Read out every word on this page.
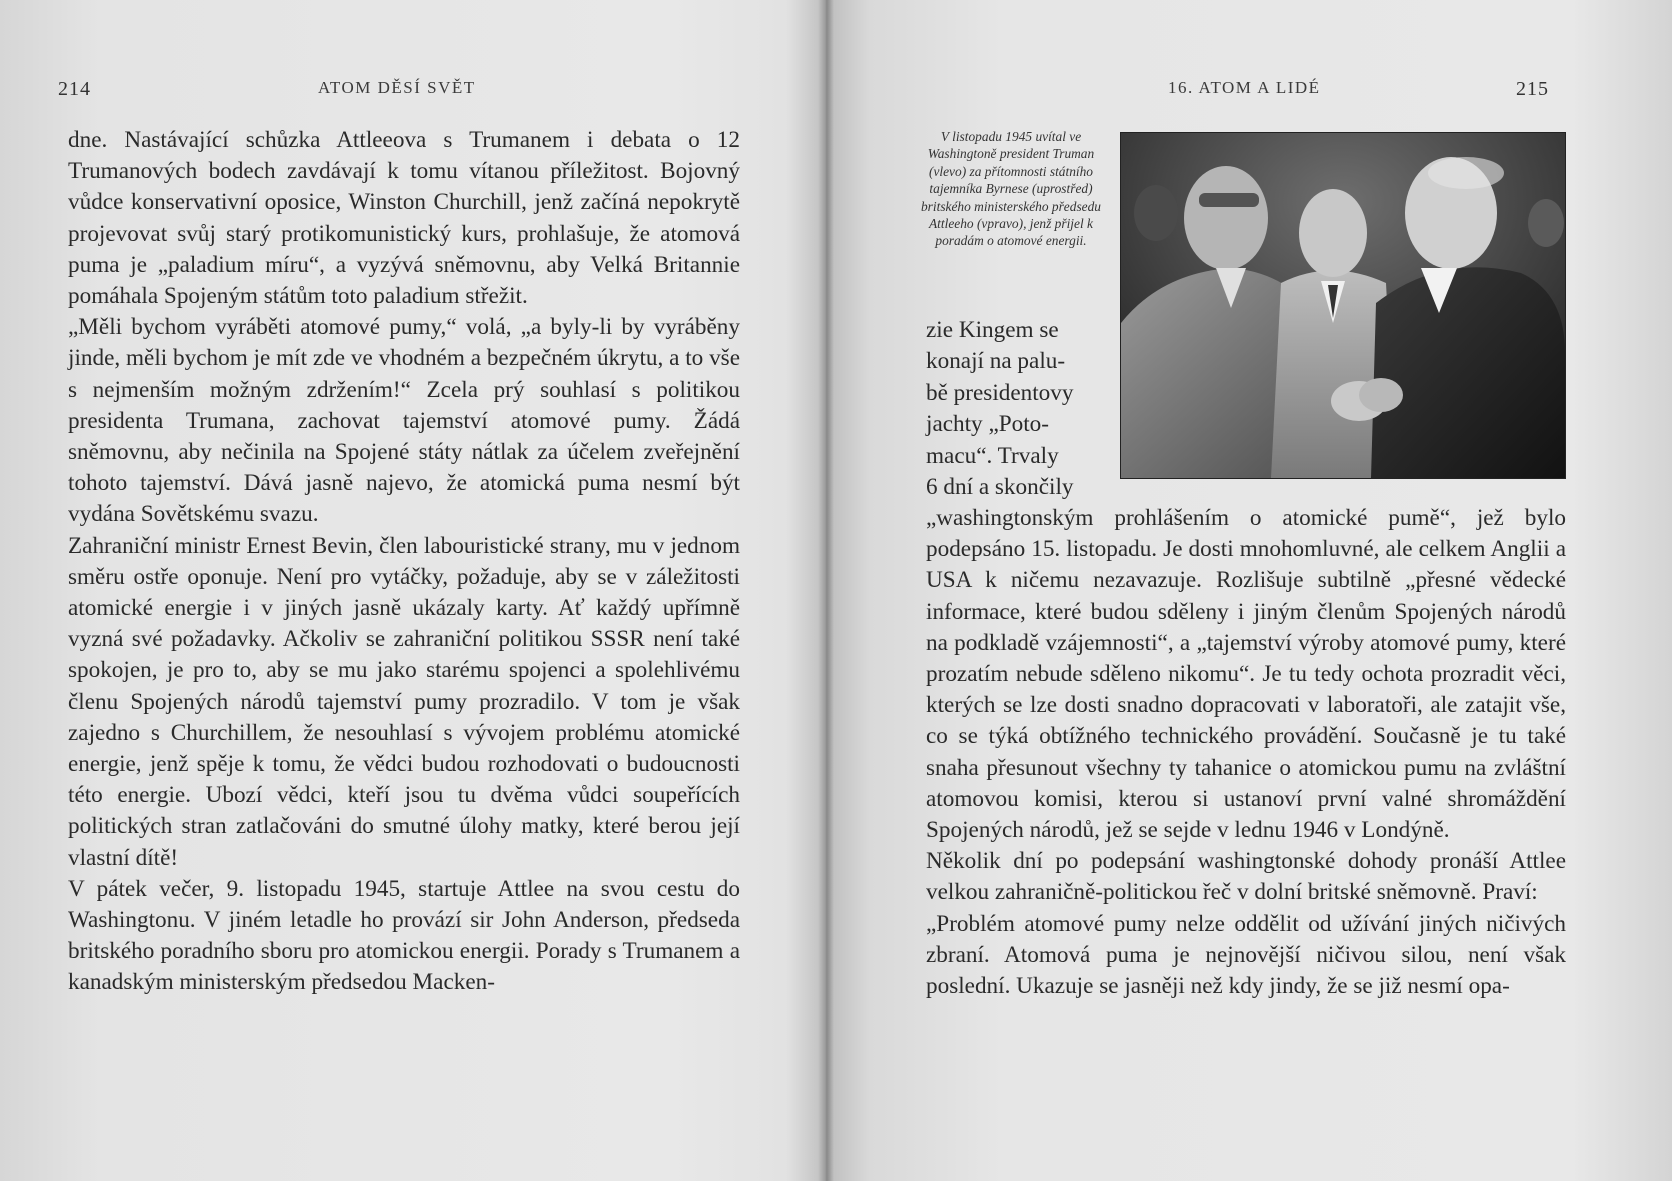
214	ATOM DĚSÍ SVĚT

dne. Nastávající schůzka Attleeova s Trumanem i debata o 12 Trumanových bodech zavdávají k tomu vítanou příležitost. Bojovný vůdce konservativní oposice, Winston Churchill, jenž začíná nepokrytě projevovat svůj starý protikomunistický kurs, prohlašuje, že atomová puma je „paladium míru“, a vyzývá sněmovnu, aby Velká Britannie pomáhala Spojeným státům toto paladium střežit.

„Měli bychom vyráběti atomové pumy,“ volá, „a byly-li by vyráběny jinde, měli bychom je mít zde ve vhodném a bezpečném úkrytu, a to vše s nejmenším možným zdržením!“ Zcela prý souhlasí s politikou presidenta Trumana, zachovat tajemství atomové pumy. Žádá sněmovnu, aby nečinila na Spojené státy nátlak za účelem zveřejnění tohoto tajemství. Dává jasně najevo, že atomická puma nesmí být vydána Sovětskému svazu.

Zahraniční ministr Ernest Bevin, člen labouristické strany, mu v jednom směru ostře oponuje. Není pro vytáčky, požaduje, aby se v záležitosti atomické energie i v jiných jasně ukázaly karty. Ať každý upřímně vyzná své požadavky. Ačkoliv se zahraniční politikou SSSR není také spokojen, je pro to, aby se mu jako starému spojenci a spolehlivému členu Spojených národů tajemství pumy prozradilo. V tom je však zajedno s Churchillem, že nesouhlasí s vývojem problému atomické energie, jenž spěje k tomu, že vědci budou rozhodovati o budoucnosti této energie. Ubozí vědci, kteří jsou tu dvěma vůdci soupeřících politických stran zatlačováni do smutné úlohy matky, které berou její vlastní dítě!

V pátek večer, 9. listopadu 1945, startuje Attlee na svou cestu do Washingtonu. V jiném letadle ho provází sir John Anderson, předseda britského poradního sboru pro atomickou energii. Porady s Trumanem a kanadským ministerským předsedou Macken-

16. ATOM A LIDÉ	215
V listopadu 1945 uvítal ve Washingtoně president Truman (vlevo) za přítomnosti státního tajemníka Byrnese (uprostřed) britského ministerského předsedu Attleeho (vpravo), jenž přijel k poradám o atomové energii.

zie Kingem se

konají na palu-

bě presidentovy

jachty „Poto-

macu“. Trvaly

6 dní a skončily

„washingtonským prohlášením o atomické pumě“, jež bylo podepsáno 15. listopadu. Je dosti mnohomluvné, ale celkem Anglii a USA k ničemu nezavazuje. Rozlišuje subtilně „přesné vědecké informace, které budou sděleny i jiným členům Spojených národů na podkladě vzájemnosti“, a „tajemství výroby atomové pumy, které prozatím nebude sděleno nikomu“. Je tu tedy ochota prozradit věci, kterých se lze dosti snadno dopracovati v laboratoři, ale zatajit vše, co se týká obtížného technického provádění. Současně je tu také snaha přesunout všechny ty tahanice o atomickou pumu na zvláštní atomovou komisi, kterou si ustanoví první valné shromáždění Spojených národů, jež se sejde v lednu 1946 v Londýně.

Několik dní po podepsání washingtonské dohody pronáší Attlee velkou zahraničně-politickou řeč v dolní britské sněmovně. Praví:

„Problém atomové pumy nelze oddělit od užívání jiných ničivých zbraní. Atomová puma je nejnovější ničivou silou, není však poslední. Ukazuje se jasněji než kdy jindy, že se již nesmí opa-
